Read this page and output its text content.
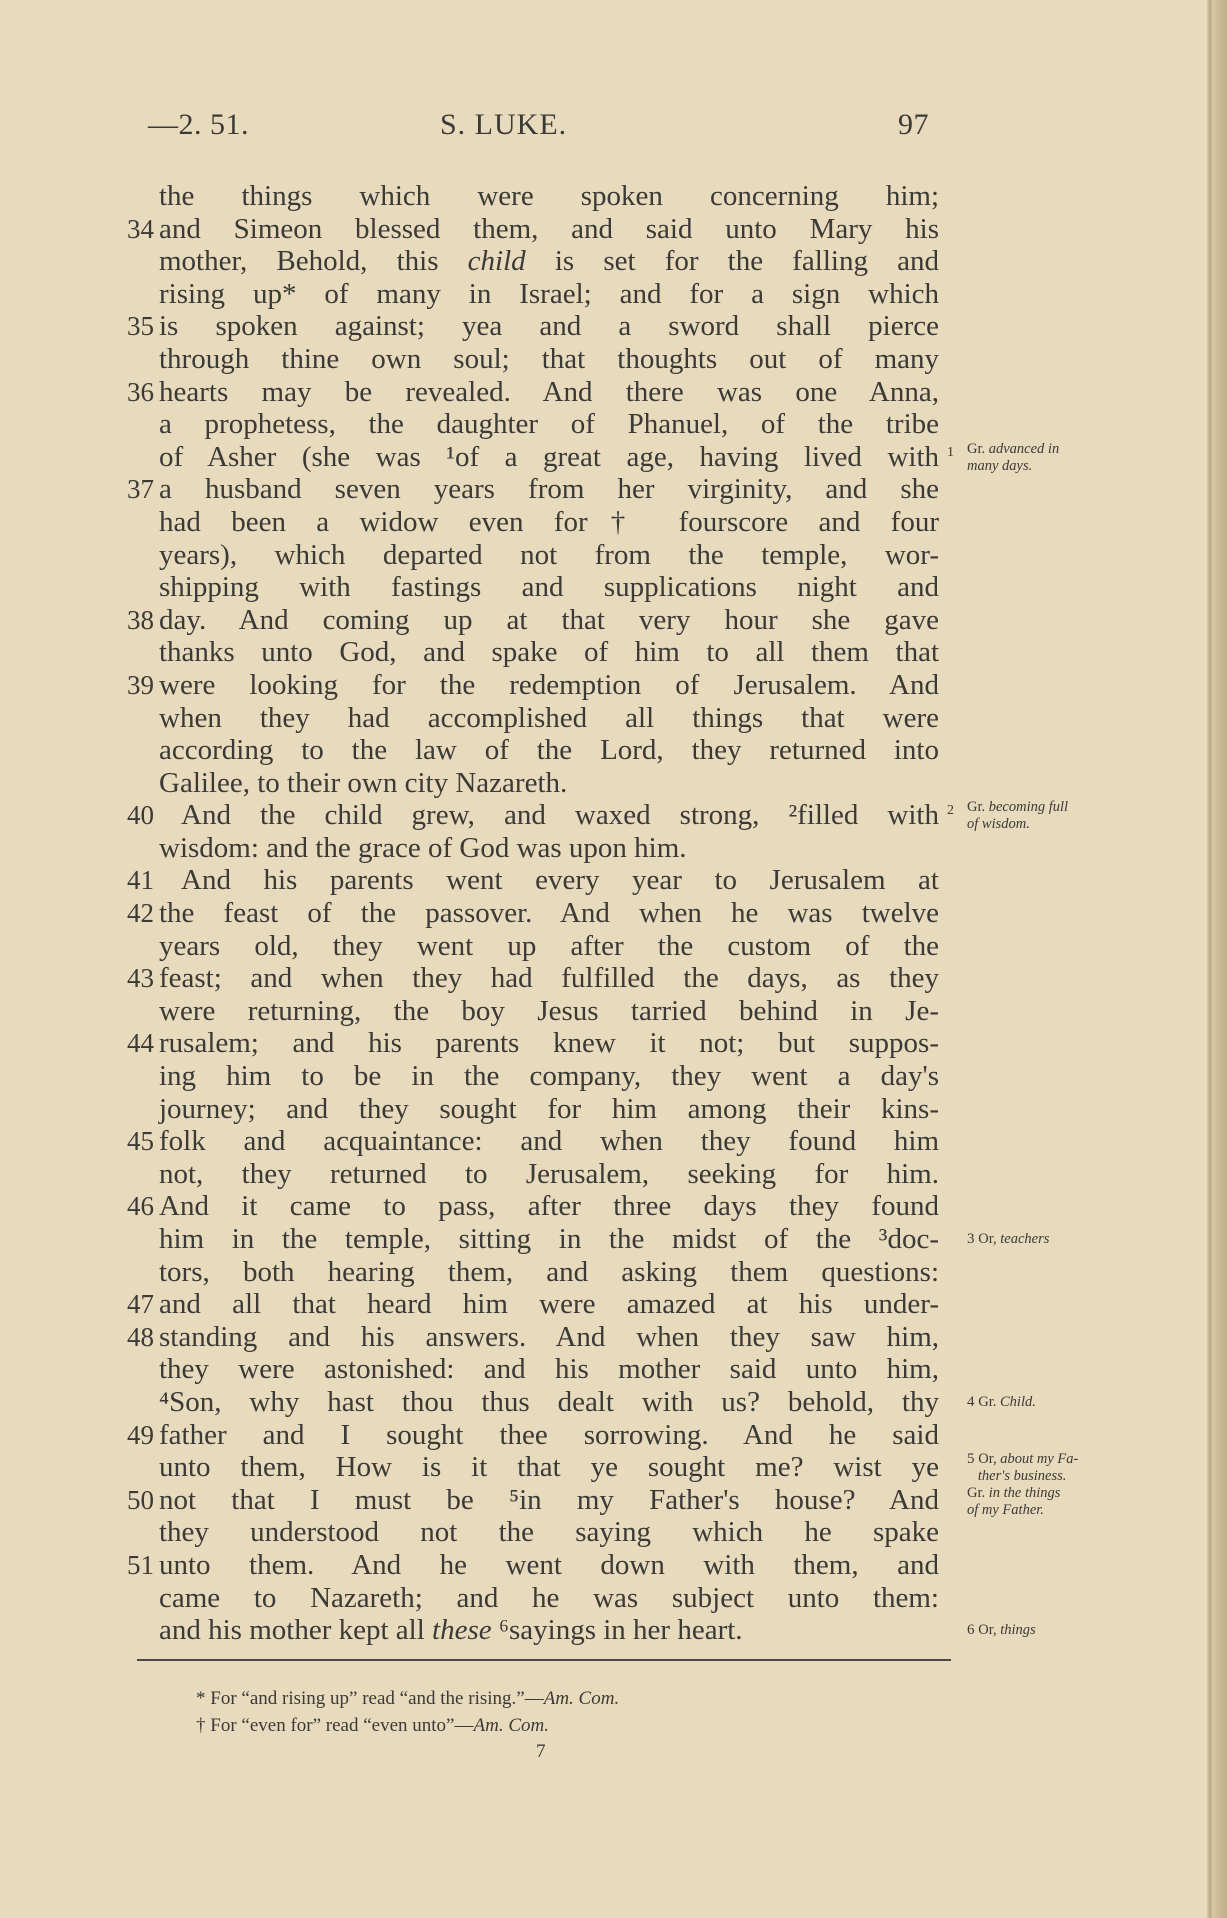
—2. 51.	S. LUKE.	97
the things which were spoken concerning him;
34 and Simeon blessed them, and said unto Mary his
mother, Behold, this child is set for the falling and
rising up* of many in Israel; and for a sign which
35 is spoken against; yea and a sword shall pierce
through thine own soul; that thoughts out of many
36 hearts may be revealed. And there was one Anna,
a prophetess, the daughter of Phanuel, of the tribe
of Asher (she was ¹of a great age, having lived with 1
37 a husband seven years from her virginity, and she
had been a widow even for† fourscore and four
years), which departed not from the temple, wor-
shipping with fastings and supplications night and
38 day. And coming up at that very hour she gave
thanks unto God, and spake of him to all them that
39 were looking for the redemption of Jerusalem. And
when they had accomplished all things that were
according to the law of the Lord, they returned into
Galilee, to their own city Nazareth.
40 And the child grew, and waxed strong, ²filled with 2
wisdom: and the grace of God was upon him.
41 And his parents went every year to Jerusalem at
42 the feast of the passover. And when he was twelve
years old, they went up after the custom of the
43 feast; and when they had fulfilled the days, as they
were returning, the boy Jesus tarried behind in Je-
44 rusalem; and his parents knew it not; but suppos-
ing him to be in the company, they went a day's
journey; and they sought for him among their kins-
45 folk and acquaintance: and when they found him
not, they returned to Jerusalem, seeking for him.
46 And it came to pass, after three days they found
him in the temple, sitting in the midst of the ³doc-
tors, both hearing them, and asking them questions:
47 and all that heard him were amazed at his under-
48 standing and his answers. And when they saw him,
they were astonished: and his mother said unto him,
⁴Son, why hast thou thus dealt with us? behold, thy
49 father and I sought thee sorrowing. And he said
unto them, How is it that ye sought me? wist ye
50 not that I must be ⁵in my Father's house? And
they understood not the saying which he spake
51 unto them. And he went down with them, and
came to Nazareth; and he was subject unto them:
and his mother kept all these ⁶sayings in her heart.
Gr. advanced in
many days.
Gr. becoming full
of wisdom.
3 Or, teachers
4 Gr. Child.
5 Or, about my Fa-
ther's business.
Gr. in the things
of my Father.
6 Or, things
* For “and rising up” read “and the rising.”—Am. Com.
† For “even for” read “even unto”—Am. Com.
7
